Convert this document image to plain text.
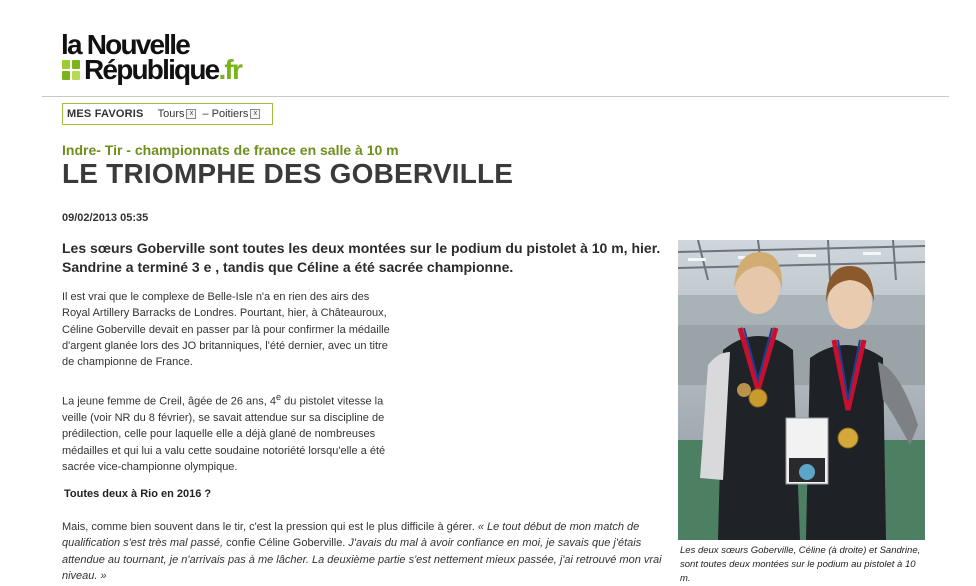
la Nouvelle
République.fr
MES FAVORIS Tours x – Poitiers x
Indre- Tir - championnats de france en salle à 10 m
LE TRIOMPHE DES GOBERVILLE
09/02/2013 05:35
Les sœurs Goberville sont toutes les deux montées sur le podium du pistolet à 10 m, hier. Sandrine a terminé 3 e , tandis que Céline a été sacrée championne.
Il est vrai que le complexe de Belle-Isle n'a en rien des airs des Royal Artillery Barracks de Londres. Pourtant, hier, à Châteauroux, Céline Goberville devait en passer par là pour confirmer la médaille d'argent glanée lors des JO britanniques, l'été dernier, avec un titre de championne de France.
La jeune femme de Creil, âgée de 26 ans, 4e du pistolet vitesse la veille (voir NR du 8 février), se savait attendue sur sa discipline de prédilection, celle pour laquelle elle a déjà glané de nombreuses médailles et qui lui a valu cette soudaine notoriété lorsqu'elle a été sacrée vice-championne olympique.
Toutes deux à Rio en 2016 ?
Mais, comme bien souvent dans le tir, c'est la pression qui est le plus difficile à gérer. « Le tout début de mon match de qualification s'est très mal passé, confie Céline Goberville. J'avais du mal à avoir confiance en moi, je savais que j'étais attendue au tournant, je n'arrivais pas à me lâcher. La deuxième partie s'est nettement mieux passée, j'ai retrouvé mon vrai niveau. »
Les deux sœurs Goberville, Céline (à droite) et Sandrine, sont toutes deux montées sur le podium au pistolet à 10 m.
